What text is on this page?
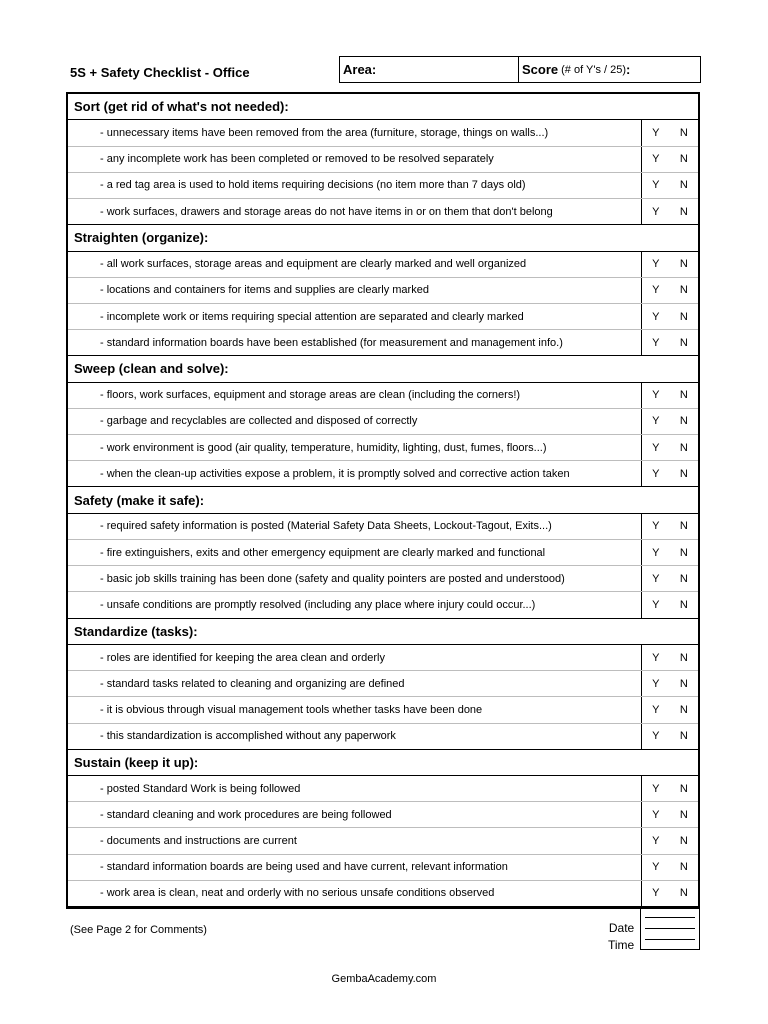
5S + Safety Checklist - Office	Area:	Score (# of Y's / 25) :
Sort (get rid of what's not needed):
- unnecessary items have been removed from the area (furniture, storage, things on walls...)	Y N
- any incomplete work has been completed or removed to be resolved separately	Y N
- a red tag area is used to hold items requiring decisions (no item more than 7 days old)	Y N
- work surfaces, drawers and storage areas do not have items in or on them that don't belong	Y N
Straighten (organize):
- all work surfaces, storage areas and equipment are clearly marked and well organized	Y N
- locations and containers for items and supplies are clearly marked	Y N
- incomplete work or items requiring special attention are separated and clearly marked	Y N
- standard information boards have been established (for measurement and management info.)	Y N
Sweep (clean and solve):
- floors, work surfaces, equipment and storage areas are clean (including the corners!)	Y N
- garbage and recyclables are collected and disposed of correctly	Y N
- work environment is good (air quality, temperature, humidity, lighting, dust, fumes, floors...)	Y N
- when the clean-up activities expose a problem, it is promptly solved and corrective action taken	Y N
Safety (make it safe):
- required safety information is posted (Material Safety Data Sheets, Lockout-Tagout, Exits...)	Y N
- fire extinguishers, exits and other emergency equipment are clearly marked and functional	Y N
- basic job skills training has been done (safety and quality pointers are posted and understood)	Y N
- unsafe conditions are promptly resolved (including any place where injury could occur...)	Y N
Standardize (tasks):
- roles are identified for keeping the area clean and orderly	Y N
- standard tasks related to cleaning and organizing are defined	Y N
- it is obvious through visual management tools whether tasks have been done	Y N
- this standardization is accomplished without any paperwork	Y N
Sustain (keep it up):
- posted Standard Work is being followed	Y N
- standard cleaning and work procedures are being followed	Y N
- documents and instructions are current	Y N
- standard information boards are being used and have current, relevant information	Y N
- work area is clean, neat and orderly with no serious unsafe conditions observed	Y N
(See Page 2 for Comments)	Date
Time
GembaAcademy.com
